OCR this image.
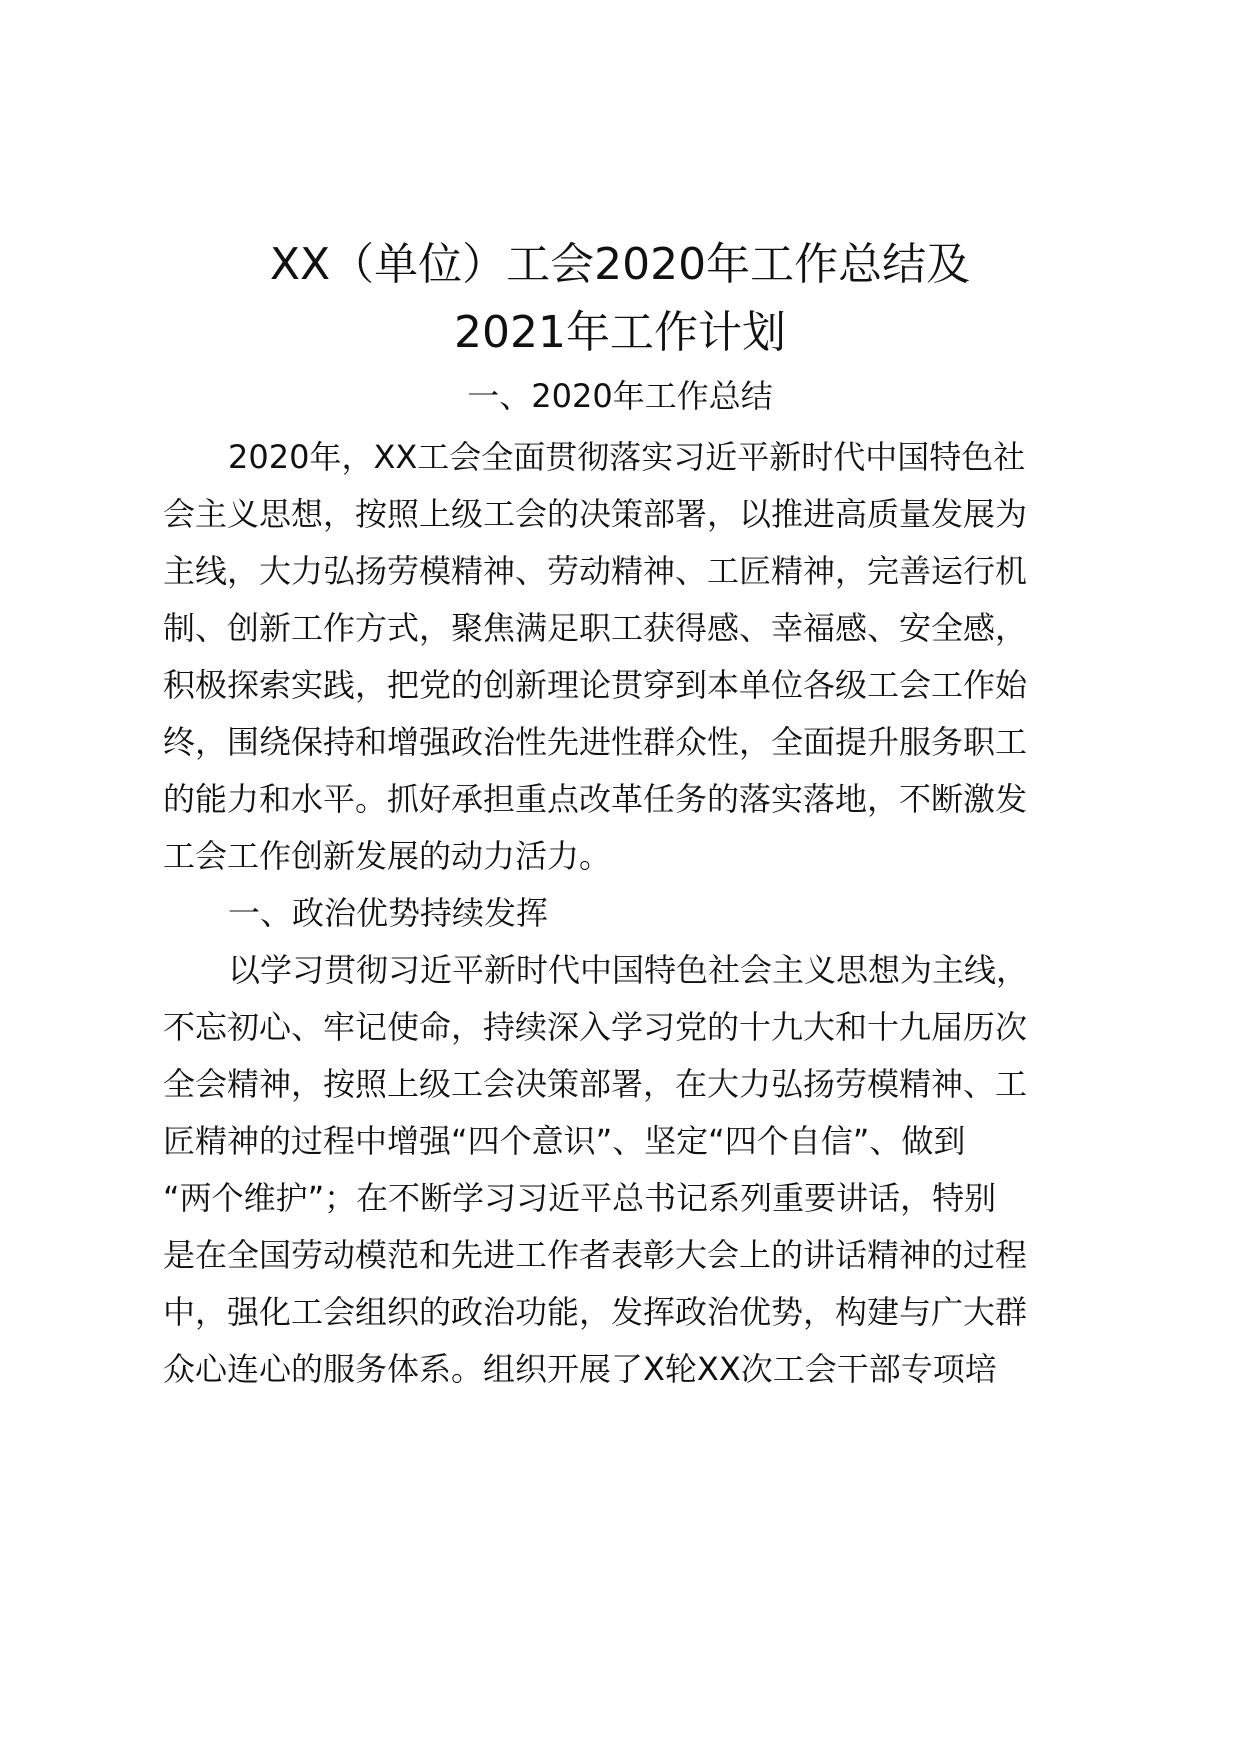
XX（单位）工会2020年工作总结及
2021年工作计划
一、2020年工作总结

2020年，XX工会全面贯彻落实习近平新时代中国特色社

会主义思想，按照上级工会的决策部署，以推进高质量发展为

主线，大力弘扬劳模精神、劳动精神、工匠精神，完善运行机

制、创新工作方式，聚焦满足职工获得感、幸福感、安全感，

积极探索实践，把党的创新理论贯穿到本单位各级工会工作始

终，围绕保持和增强政治性先进性群众性，全面提升服务职工

的能力和水平。抓好承担重点改革任务的落实落地，不断激发

工会工作创新发展的动力活力。

一、政治优势持续发挥

以学习贯彻习近平新时代中国特色社会主义思想为主线，

不忘初心、牢记使命，持续深入学习党的十九大和十九届历次

全会精神，按照上级工会决策部署，在大力弘扬劳模精神、工

匠精神的过程中增强“四个意识”、坚定“四个自信”、做到

“两个维护”；在不断学习习近平总书记系列重要讲话，特别

是在全国劳动模范和先进工作者表彰大会上的讲话精神的过程

中，强化工会组织的政治功能，发挥政治优势，构建与广大群

众心连心的服务体系。组织开展了X轮XX次工会干部专项培
